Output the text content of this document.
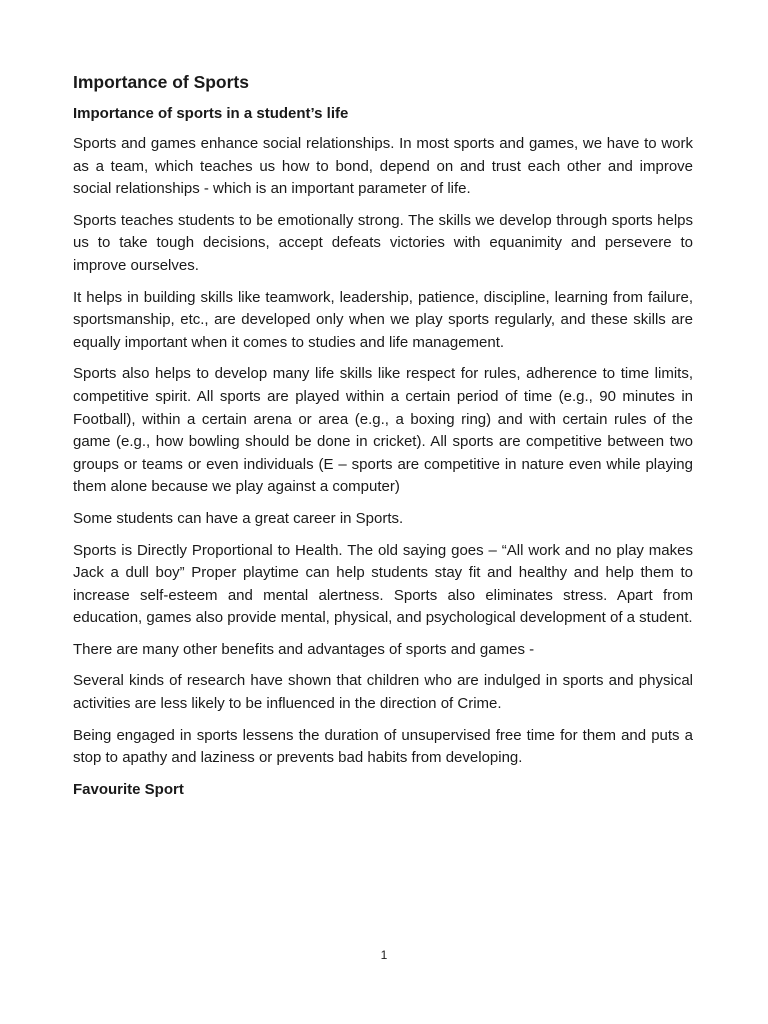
Importance of Sports
Importance of sports in a student’s life

Sports and games enhance social relationships. In most sports and games, we have to work as a team, which teaches us how to bond, depend on and trust each other and improve social relationships - which is an important parameter of life.

Sports teaches students to be emotionally strong. The skills we develop through sports helps us to take tough decisions, accept defeats victories with equanimity and persevere to improve ourselves.

It helps in building skills like teamwork, leadership, patience, discipline, learning from failure, sportsmanship, etc., are developed only when we play sports regularly, and these skills are equally important when it comes to studies and life management.

Sports also helps to develop many life skills like respect for rules, adherence to time limits, competitive spirit. All sports are played within a certain period of time (e.g., 90 minutes in Football), within a certain arena or area (e.g., a boxing ring) and with certain rules of the game (e.g., how bowling should be done in cricket). All sports are competitive between two groups or teams or even individuals (E – sports are competitive in nature even while playing them alone because we play against a computer)

Some students can have a great career in Sports.

Sports is Directly Proportional to Health. The old saying goes – “All work and no play makes Jack a dull boy” Proper playtime can help students stay fit and healthy and help them to increase self-esteem and mental alertness. Sports also eliminates stress. Apart from education, games also provide mental, physical, and psychological development of a student.

There are many other benefits and advantages of sports and games -

Several kinds of research have shown that children who are indulged in sports and physical activities are less likely to be influenced in the direction of Crime.

Being engaged in sports lessens the duration of unsupervised free time for them and puts a stop to apathy and laziness or prevents bad habits from developing.

Favourite Sport
1
